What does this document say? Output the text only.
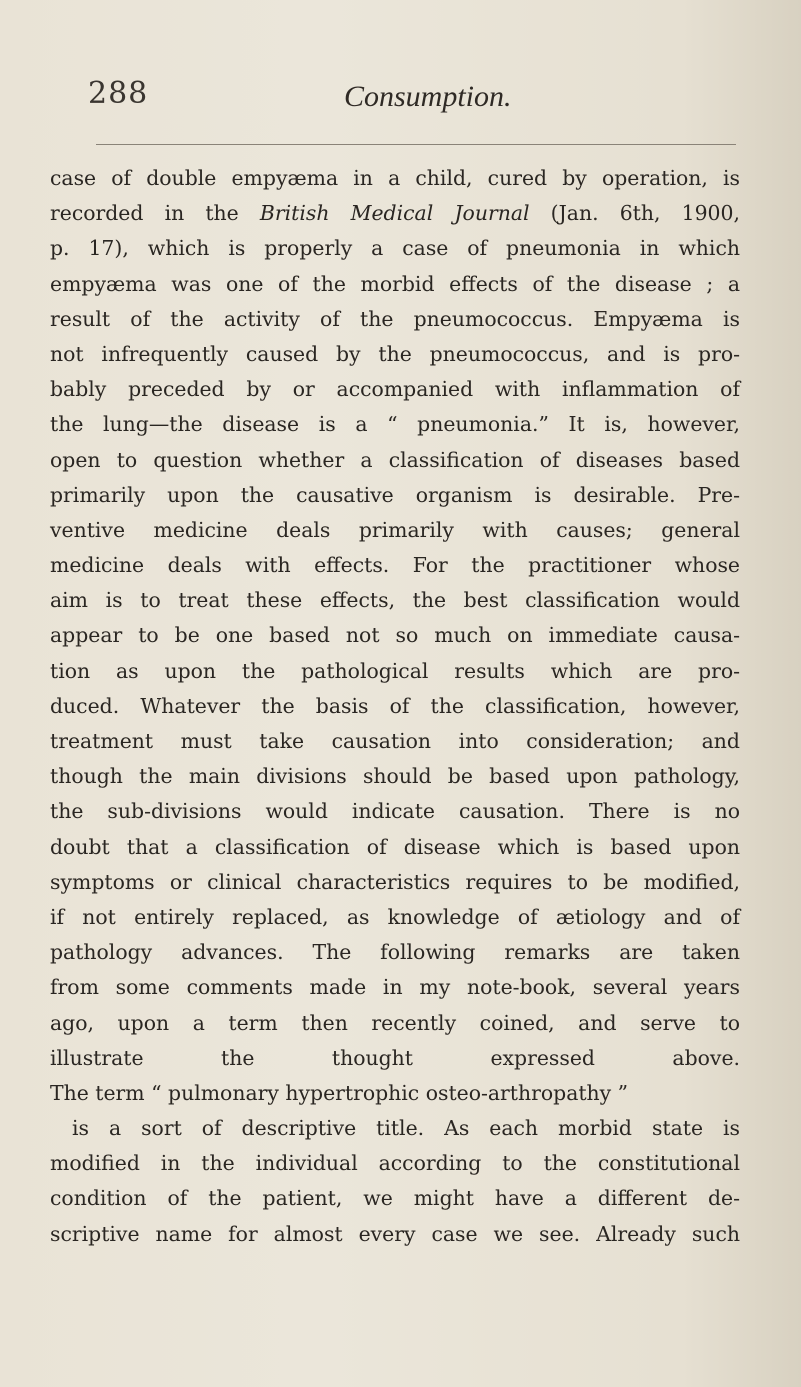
288	Consumption.
case of double empyæma in a child, cured by operation, is
recorded in the British Medical Journal (Jan. 6th, 1900,
p. 17), which is properly a case of pneumonia in which
empyæma was one of the morbid effects of the disease ; a
result of the activity of the pneumococcus. Empyæma is
not infrequently caused by the pneumococcus, and is pro-
bably preceded by or accompanied with inflammation of
the lung—the disease is a “ pneumonia.” It is, however,
open to question whether a classification of diseases based
primarily upon the causative organism is desirable. Pre-
ventive medicine deals primarily with causes; general
medicine deals with effects. For the practitioner whose
aim is to treat these effects, the best classification would
appear to be one based not so much on immediate causa-
tion as upon the pathological results which are pro-
duced. Whatever the basis of the classification, however,
treatment must take causation into consideration; and
though the main divisions should be based upon pathology,
the sub-divisions would indicate causation. There is no
doubt that a classification of disease which is based upon
symptoms or clinical characteristics requires to be modified,
if not entirely replaced, as knowledge of ætiology and of
pathology advances. The following remarks are taken
from some comments made in my note-book, several years
ago, upon a term then recently coined, and serve to
illustrate the thought expressed above.
The term “ pulmonary hypertrophic osteo-arthropathy ”
is a sort of descriptive title. As each morbid state is
modified in the individual according to the constitutional
condition of the patient, we might have a different de-
scriptive name for almost every case we see. Already such
